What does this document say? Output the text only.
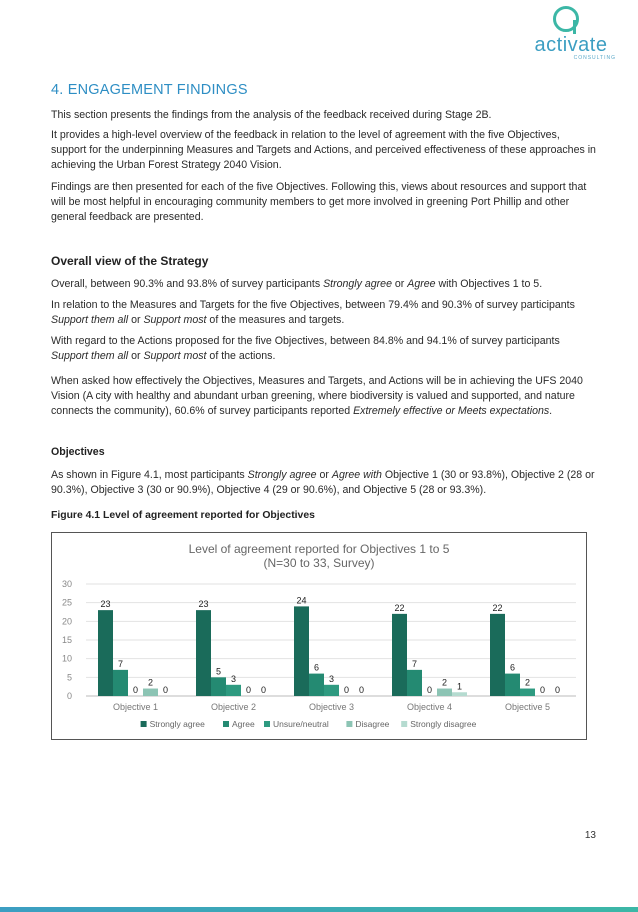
activate
CONSULTING
4. ENGAGEMENT FINDINGS
This section presents the findings from the analysis of the feedback received during Stage 2B.
It provides a high-level overview of the feedback in relation to the level of agreement with the five Objectives, support for the underpinning Measures and Targets and Actions, and perceived effectiveness of these approaches in achieving the Urban Forest Strategy 2040 Vision.
Findings are then presented for each of the five Objectives. Following this, views about resources and support that will be most helpful in encouraging community members to get more involved in greening Port Phillip and other general feedback are presented.
Overall view of the Strategy
Overall, between 90.3% and 93.8% of survey participants Strongly agree or Agree with Objectives 1 to 5.
In relation to the Measures and Targets for the five Objectives, between 79.4% and 90.3% of survey participants Support them all or Support most of the measures and targets.
With regard to the Actions proposed for the five Objectives, between 84.8% and 94.1% of survey participants Support them all or Support most of the actions.
When asked how effectively the Objectives, Measures and Targets, and Actions will be in achieving the UFS 2040 Vision (A city with healthy and abundant urban greening, where biodiversity is valued and supported, and nature connects the community), 60.6% of survey participants reported Extremely effective or Meets expectations.
Objectives
As shown in Figure 4.1, most participants Strongly agree or Agree with Objective 1 (30 or 93.8%), Objective 2 (28 or 90.3%), Objective 3 (30 or 90.9%), Objective 4 (29 or 90.6%), and Objective 5 (28 or 93.3%).
Figure 4.1 Level of agreement reported for Objectives
Level of agreement reported for Objectives 1 to 5
(N=30 to 33, Survey)
0
5
10
15
20
25
30
23
7
0
2
0
Objective 1
23
5
3
0 0
Objective 2
24
6
3
0 0
Objective 3
22
7
0
2 1
Objective 4
22
6
2
0 0
Objective 5
Strongly agree	Agree Unsure/neutral	Disagree Strongly disagree
13
